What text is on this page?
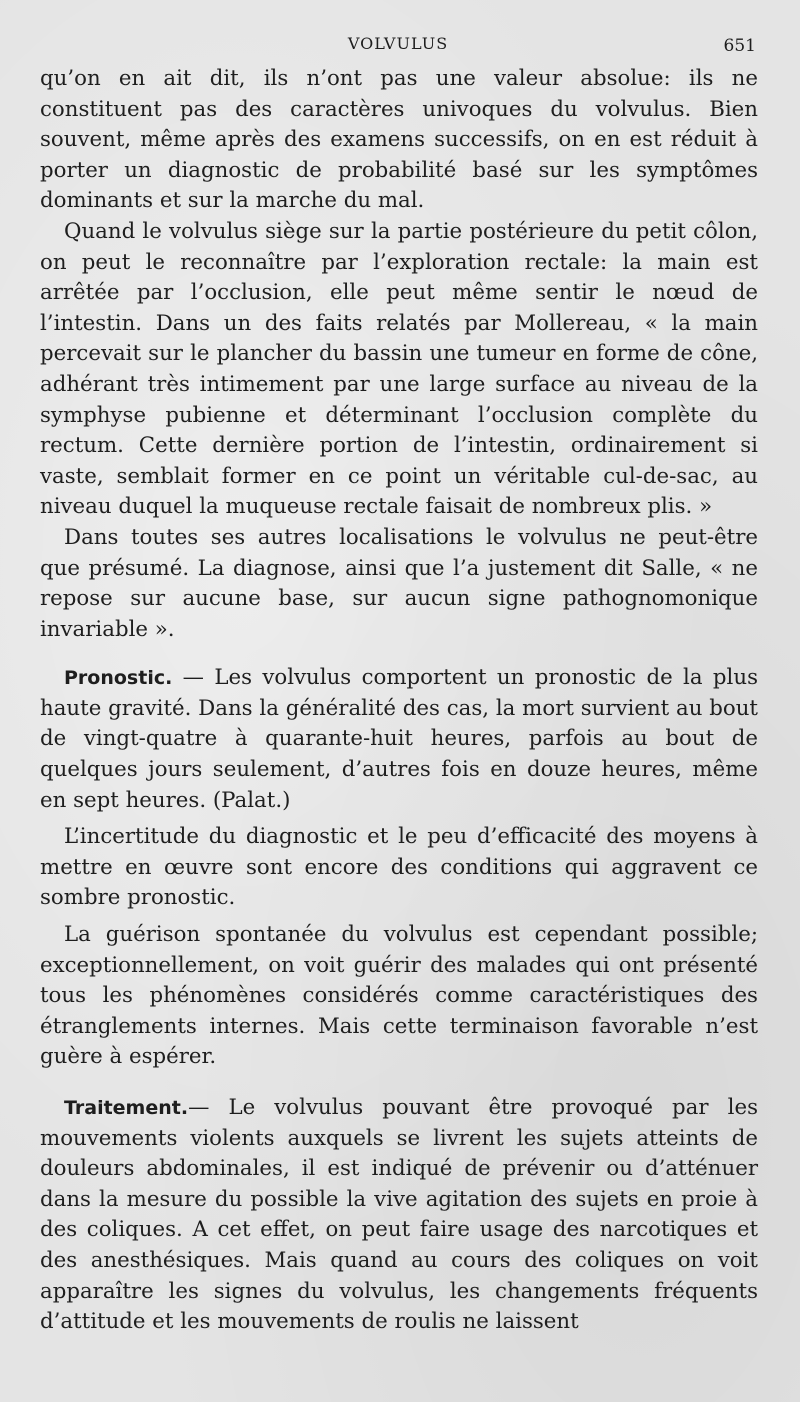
VOLVULUS	651

qu’on en ait dit, ils n’ont pas une valeur absolue: ils ne constituent pas des caractères univoques du volvulus. Bien souvent, même après des examens successifs, on en est réduit à porter un diagnostic de probabilité basé sur les symptômes dominants et sur la marche du mal.

Quand le volvulus siège sur la partie postérieure du petit côlon, on peut le reconnaître par l’exploration rectale: la main est arrêtée par l’occlusion, elle peut même sentir le nœud de l’intestin. Dans un des faits relatés par Mollereau, « la main percevait sur le plancher du bassin une tumeur en forme de cône, adhérant très intimement par une large surface au niveau de la symphyse pubienne et déterminant l’occlusion complète du rectum. Cette dernière portion de l’intestin, ordinairement si vaste, semblait former en ce point un véritable cul-de-sac, au niveau duquel la muqueuse rectale faisait de nombreux plis. »

Dans toutes ses autres localisations le volvulus ne peut-être que présumé. La diagnose, ainsi que l’a justement dit Salle, « ne repose sur aucune base, sur aucun signe pathognomonique invariable ».

Pronostic. — Les volvulus comportent un pronostic de la plus haute gravité. Dans la généralité des cas, la mort survient au bout de vingt-quatre à quarante-huit heures, parfois au bout de quelques jours seulement, d’autres fois en douze heures, même en sept heures. (Palat.)

L’incertitude du diagnostic et le peu d’efficacité des moyens à mettre en œuvre sont encore des conditions qui aggravent ce sombre pronostic.

La guérison spontanée du volvulus est cependant possible; exceptionnellement, on voit guérir des malades qui ont présenté tous les phénomènes considérés comme caractéristiques des étranglements internes. Mais cette terminaison favorable n’est guère à espérer.

Traitement.— Le volvulus pouvant être provoqué par les mouvements violents auxquels se livrent les sujets atteints de douleurs abdominales, il est indiqué de prévenir ou d’atténuer dans la mesure du possible la vive agitation des sujets en proie à des coliques. A cet effet, on peut faire usage des narcotiques et des anesthésiques. Mais quand au cours des coliques on voit apparaître les signes du volvulus, les changements fréquents d’attitude et les mouvements de roulis ne laissent
